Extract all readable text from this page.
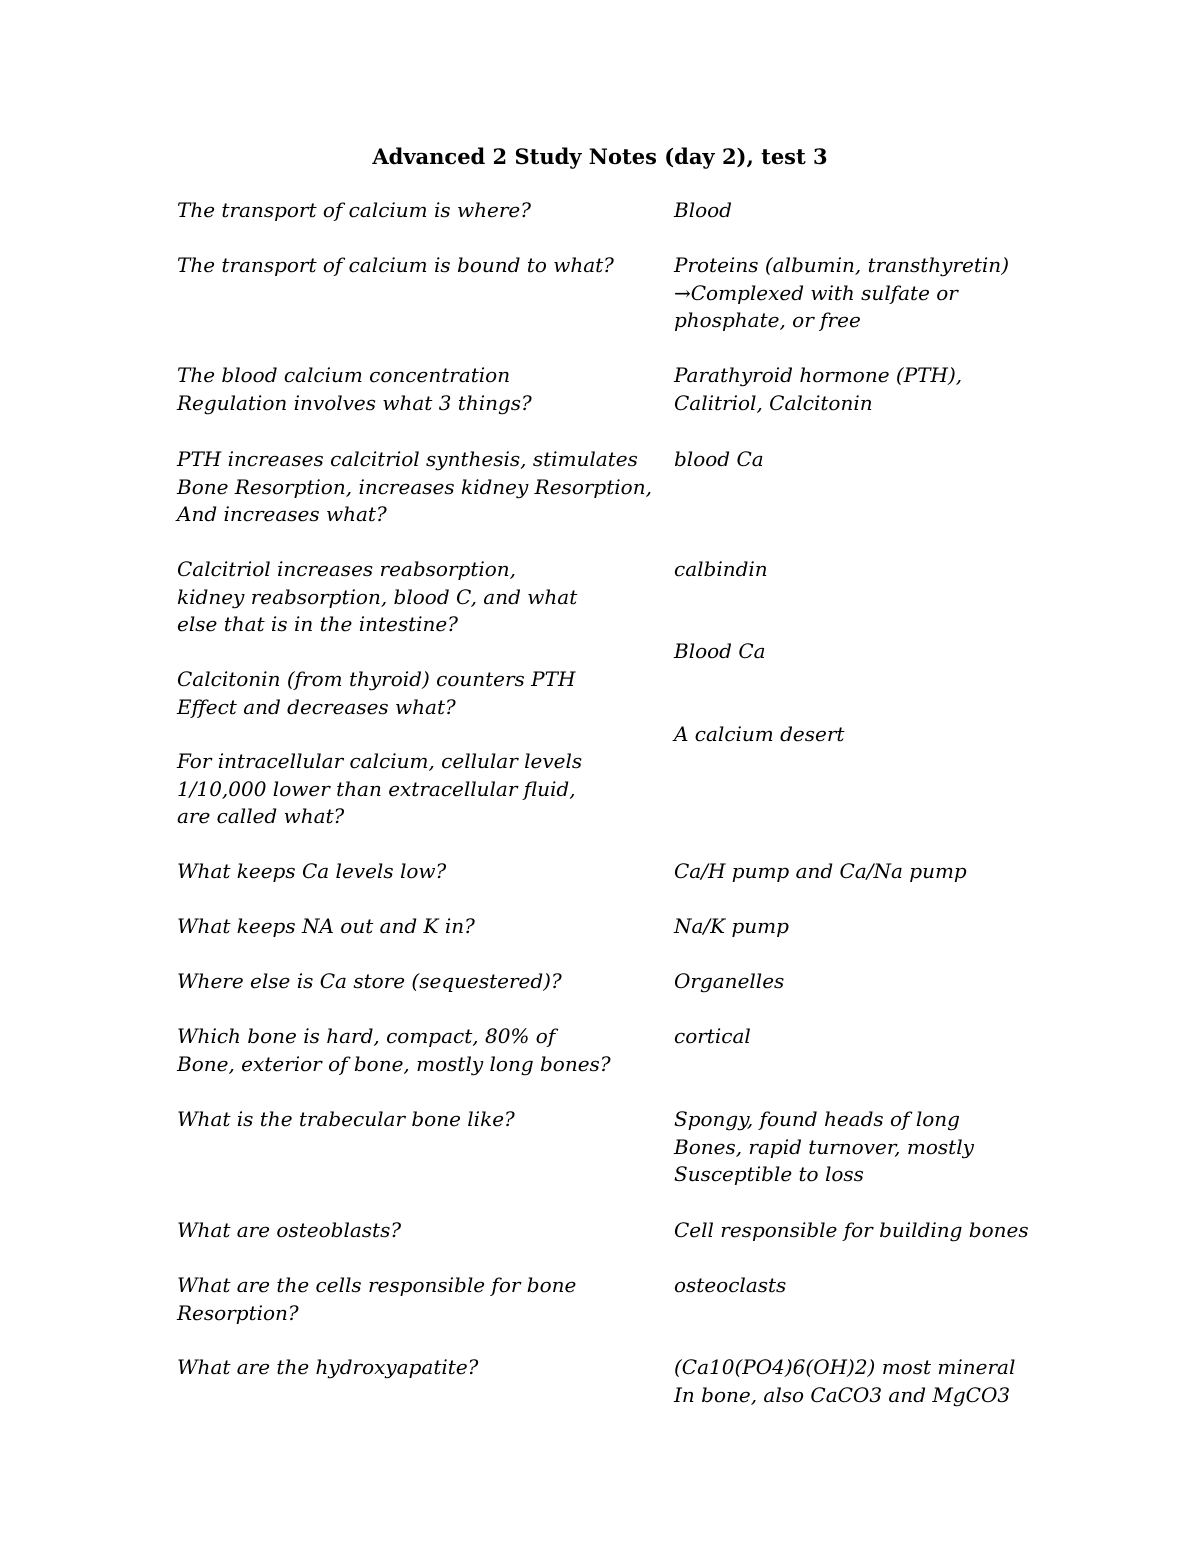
Advanced 2 Study Notes (day 2), test 3
The transport of calcium is where?
The transport of calcium is bound to what?
The blood calcium concentration
Regulation involves what 3 things?
PTH increases calcitriol synthesis, stimulates
Bone Resorption, increases kidney Resorption,
And increases what?
Calcitriol increases reabsorption,
kidney reabsorption, blood C, and what
else that is in the intestine?
Calcitonin (from thyroid) counters PTH
Effect and decreases what?
For intracellular calcium, cellular levels
1/10,000 lower than extracellular fluid,
are called what?
What keeps Ca levels low?
What keeps NA out and K in?
Where else is Ca store (sequestered)?
Which bone is hard, compact, 80% of
Bone, exterior of bone, mostly long bones?
What is the trabecular bone like?
What are osteoblasts?
What are the cells responsible for bone
Resorption?
What are the hydroxyapatite?
Blood
Proteins (albumin, transthyretin)
→Complexed with sulfate or
phosphate, or free
Parathyroid hormone (PTH),
Calitriol, Calcitonin
blood Ca
calbindin
Blood Ca
A calcium desert
Ca/H pump and Ca/Na pump
Na/K pump
Organelles
cortical
Spongy, found heads of long
Bones, rapid turnover, mostly
Susceptible to loss
Cell responsible for building bones
osteoclasts
(Ca10(PO4)6(OH)2) most mineral
In bone, also CaCO3 and MgCO3
